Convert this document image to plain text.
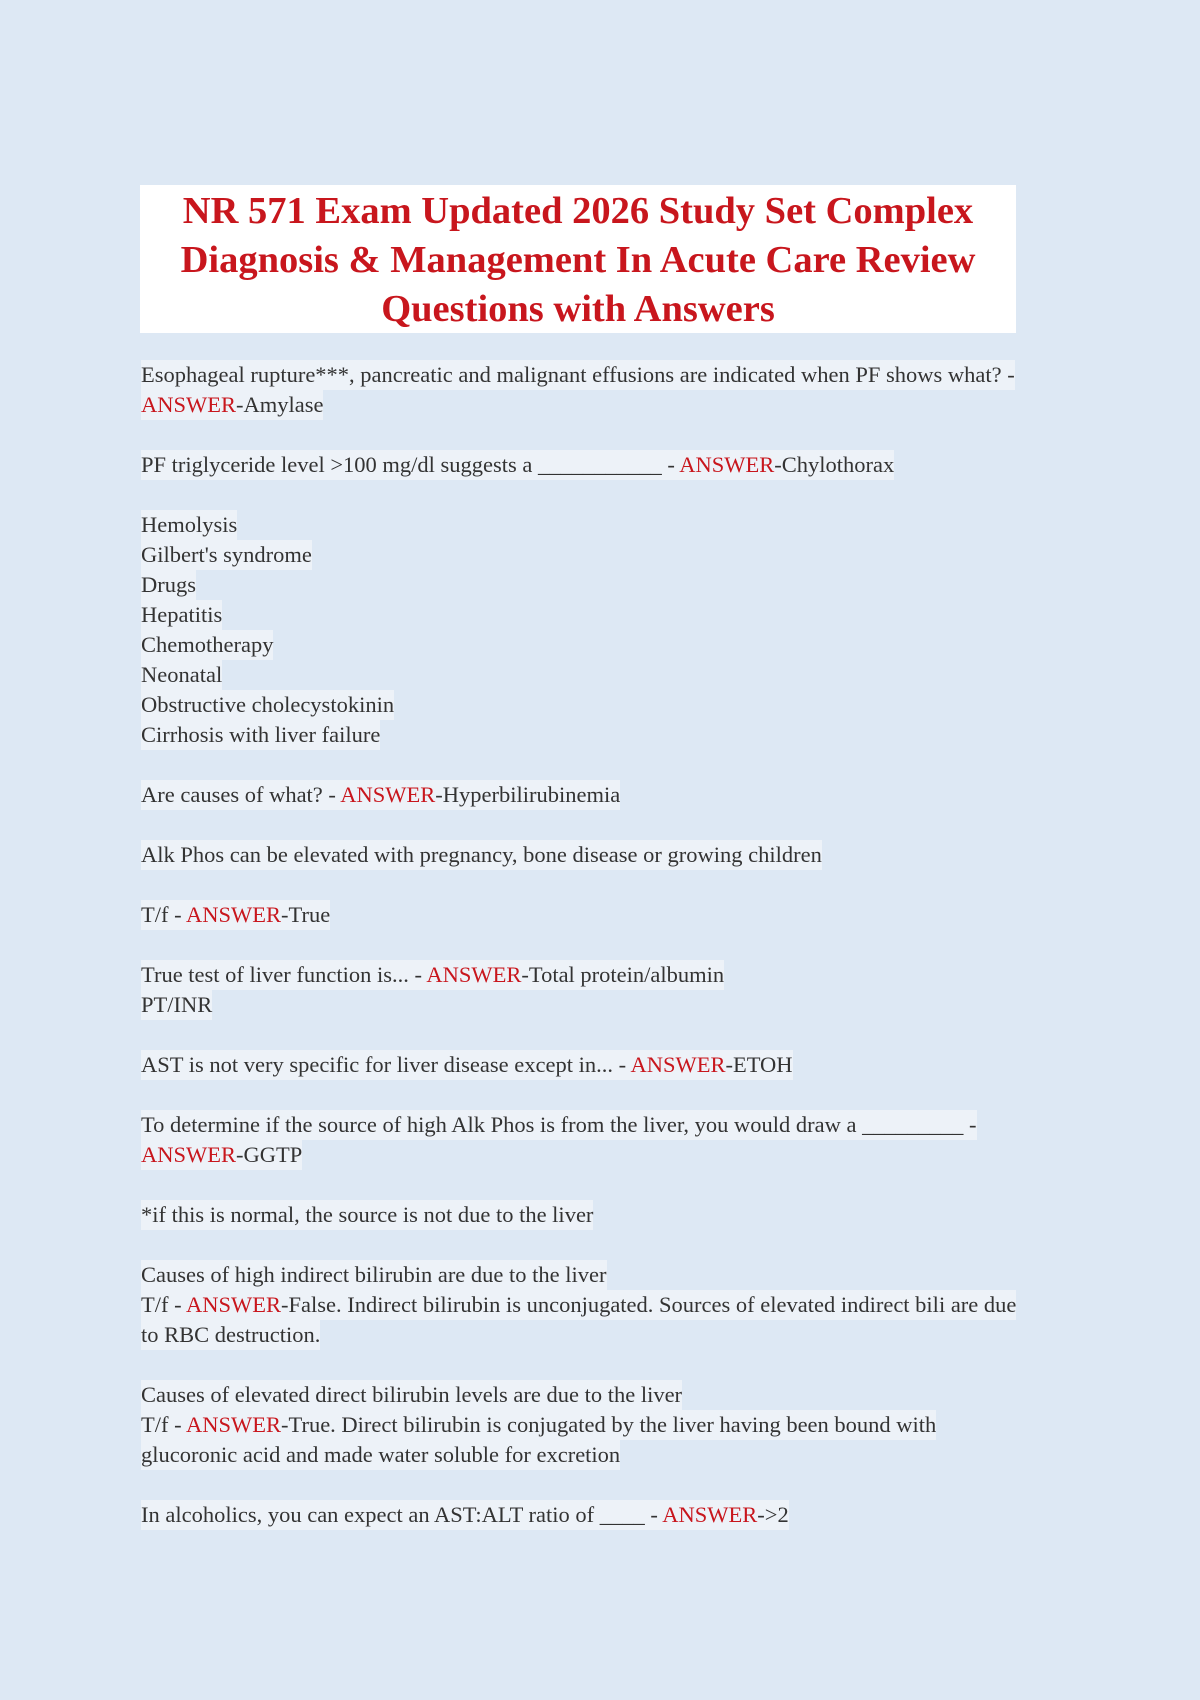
NR 571 Exam Updated 2026 Study Set Complex
Diagnosis & Management In Acute Care Review
Questions with Answers
Esophageal rupture***, pancreatic and malignant effusions are indicated when PF shows what? -
ANSWER-Amylase
PF triglyceride level >100 mg/dl suggests a ___________ - ANSWER-Chylothorax
Hemolysis
Gilbert's syndrome
Drugs
Hepatitis
Chemotherapy
Neonatal
Obstructive cholecystokinin
Cirrhosis with liver failure
Are causes of what? - ANSWER-Hyperbilirubinemia
Alk Phos can be elevated with pregnancy, bone disease or growing children
T/f - ANSWER-True
True test of liver function is... - ANSWER-Total protein/albumin
PT/INR
AST is not very specific for liver disease except in... - ANSWER-ETOH
To determine if the source of high Alk Phos is from the liver, you would draw a _________ -
ANSWER-GGTP
*if this is normal, the source is not due to the liver
Causes of high indirect bilirubin are due to the liver
T/f - ANSWER-False. Indirect bilirubin is unconjugated. Sources of elevated indirect bili are due
to RBC destruction.
Causes of elevated direct bilirubin levels are due to the liver
T/f - ANSWER-True. Direct bilirubin is conjugated by the liver having been bound with
glucoronic acid and made water soluble for excretion
In alcoholics, you can expect an AST:ALT ratio of ____ - ANSWER->2
